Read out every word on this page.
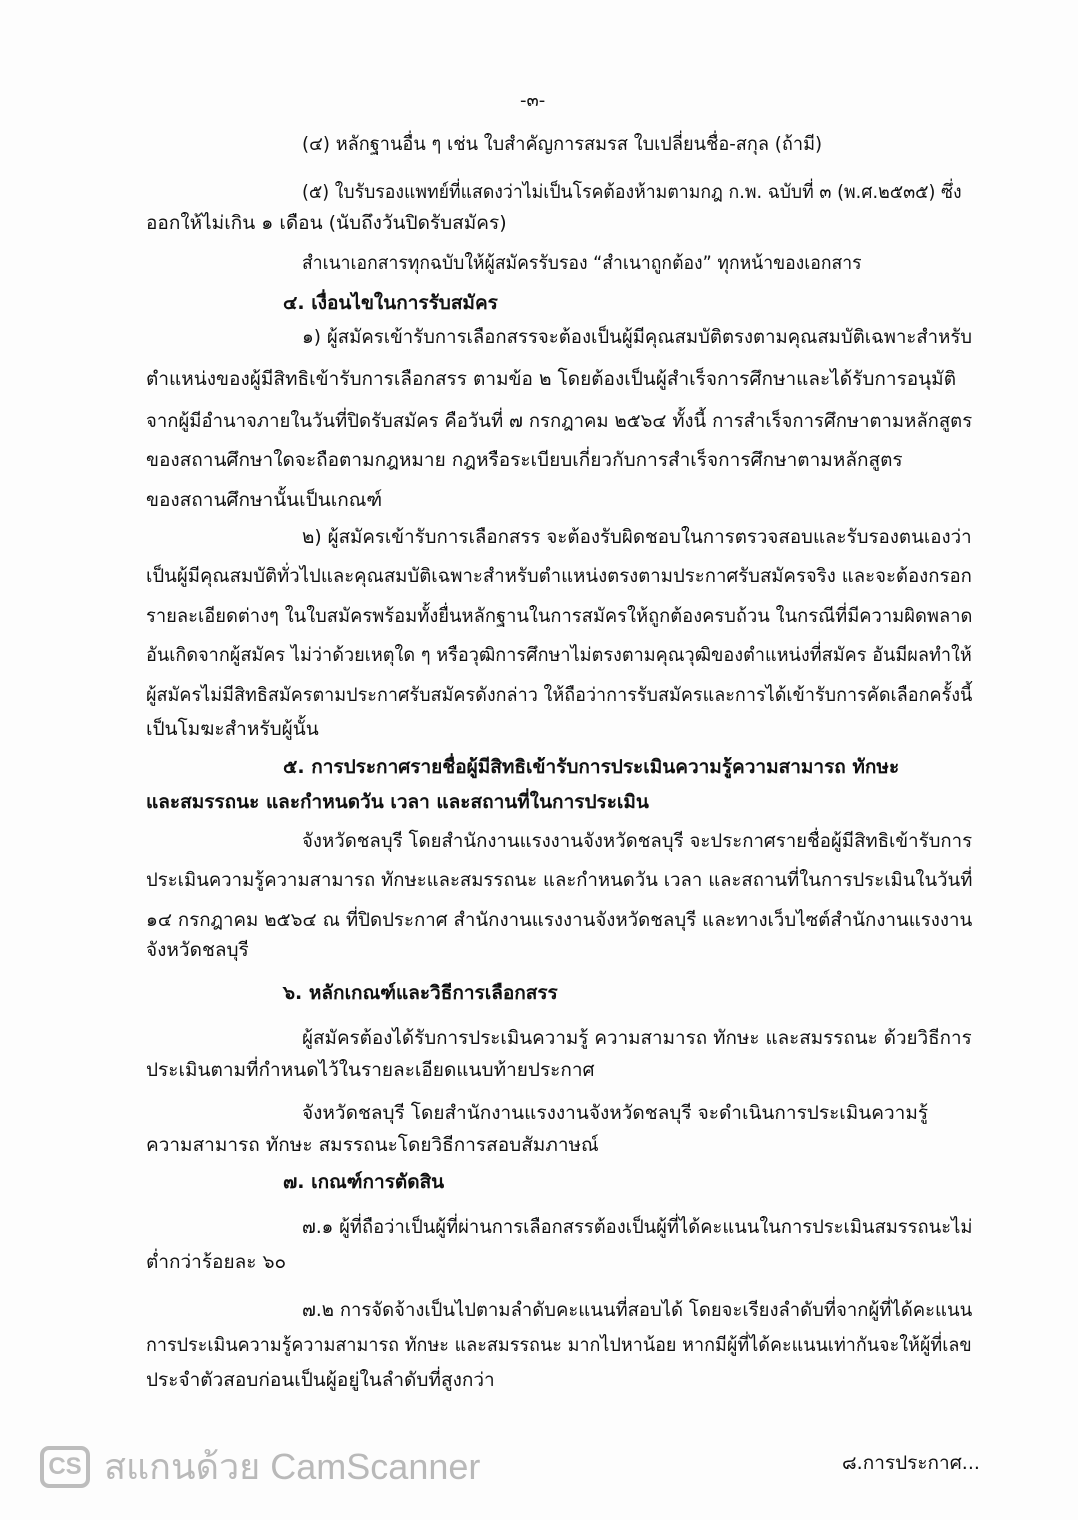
-๓-
(๔) หลักฐานอื่น ๆ เช่น ใบสำคัญการสมรส ใบเปลี่ยนชื่อ-สกุล (ถ้ามี)
(๕) ใบรับรองแพทย์ที่แสดงว่าไม่เป็นโรคต้องห้ามตามกฎ ก.พ. ฉบับที่ ๓ (พ.ศ.๒๕๓๕) ซึ่ง
ออกให้ไม่เกิน ๑ เดือน (นับถึงวันปิดรับสมัคร)
สำเนาเอกสารทุกฉบับให้ผู้สมัครรับรอง “สำเนาถูกต้อง” ทุกหน้าของเอกสาร
๔. เงื่อนไขในการรับสมัคร
๑) ผู้สมัครเข้ารับการเลือกสรรจะต้องเป็นผู้มีคุณสมบัติตรงตามคุณสมบัติเฉพาะสำหรับ
ตำแหน่งของผู้มีสิทธิเข้ารับการเลือกสรร ตามข้อ ๒ โดยต้องเป็นผู้สำเร็จการศึกษาและได้รับการอนุมัติ
จากผู้มีอำนาจภายในวันที่ปิดรับสมัคร คือวันที่ ๗ กรกฎาคม ๒๕๖๔ ทั้งนี้ การสำเร็จการศึกษาตามหลักสูตร
ของสถานศึกษาใดจะถือตามกฎหมาย กฎหรือระเบียบเกี่ยวกับการสำเร็จการศึกษาตามหลักสูตร
ของสถานศึกษานั้นเป็นเกณฑ์
๒) ผู้สมัครเข้ารับการเลือกสรร จะต้องรับผิดชอบในการตรวจสอบและรับรองตนเองว่า
เป็นผู้มีคุณสมบัติทั่วไปและคุณสมบัติเฉพาะสำหรับตำแหน่งตรงตามประกาศรับสมัครจริง และจะต้องกรอก
รายละเอียดต่างๆ ในใบสมัครพร้อมทั้งยื่นหลักฐานในการสมัครให้ถูกต้องครบถ้วน ในกรณีที่มีความผิดพลาด
อันเกิดจากผู้สมัคร ไม่ว่าด้วยเหตุใด ๆ หรือวุฒิการศึกษาไม่ตรงตามคุณวุฒิของตำแหน่งที่สมัคร อันมีผลทำให้
ผู้สมัครไม่มีสิทธิสมัครตามประกาศรับสมัครดังกล่าว ให้ถือว่าการรับสมัครและการได้เข้ารับการคัดเลือกครั้งนี้
เป็นโมฆะสำหรับผู้นั้น
๕. การประกาศรายชื่อผู้มีสิทธิเข้ารับการประเมินความรู้ความสามารถ ทักษะ
และสมรรถนะ และกำหนดวัน เวลา และสถานที่ในการประเมิน
จังหวัดชลบุรี โดยสำนักงานแรงงานจังหวัดชลบุรี จะประกาศรายชื่อผู้มีสิทธิเข้ารับการ
ประเมินความรู้ความสามารถ ทักษะและสมรรถนะ และกำหนดวัน เวลา และสถานที่ในการประเมินในวันที่
๑๔ กรกฎาคม ๒๕๖๔ ณ ที่ปิดประกาศ สำนักงานแรงงานจังหวัดชลบุรี และทางเว็บไซต์สำนักงานแรงงาน
จังหวัดชลบุรี
๖. หลักเกณฑ์และวิธีการเลือกสรร
ผู้สมัครต้องได้รับการประเมินความรู้ ความสามารถ ทักษะ และสมรรถนะ ด้วยวิธีการ
ประเมินตามที่กำหนดไว้ในรายละเอียดแนบท้ายประกาศ
จังหวัดชลบุรี โดยสำนักงานแรงงานจังหวัดชลบุรี จะดำเนินการประเมินความรู้
ความสามารถ ทักษะ สมรรถนะโดยวิธีการสอบสัมภาษณ์
๗. เกณฑ์การตัดสิน
๗.๑ ผู้ที่ถือว่าเป็นผู้ที่ผ่านการเลือกสรรต้องเป็นผู้ที่ได้คะแนนในการประเมินสมรรถนะไม่
ต่ำกว่าร้อยละ ๖๐
๗.๒ การจัดจ้างเป็นไปตามลำดับคะแนนที่สอบได้ โดยจะเรียงลำดับที่จากผู้ที่ได้คะแนน
การประเมินความรู้ความสามารถ ทักษะ และสมรรถนะ มากไปหาน้อย หากมีผู้ที่ได้คะแนนเท่ากันจะให้ผู้ที่เลข
ประจำตัวสอบก่อนเป็นผู้อยู่ในลำดับที่สูงกว่า
CS สแกนด้วย CamScanner	๘.การประกาศ...
